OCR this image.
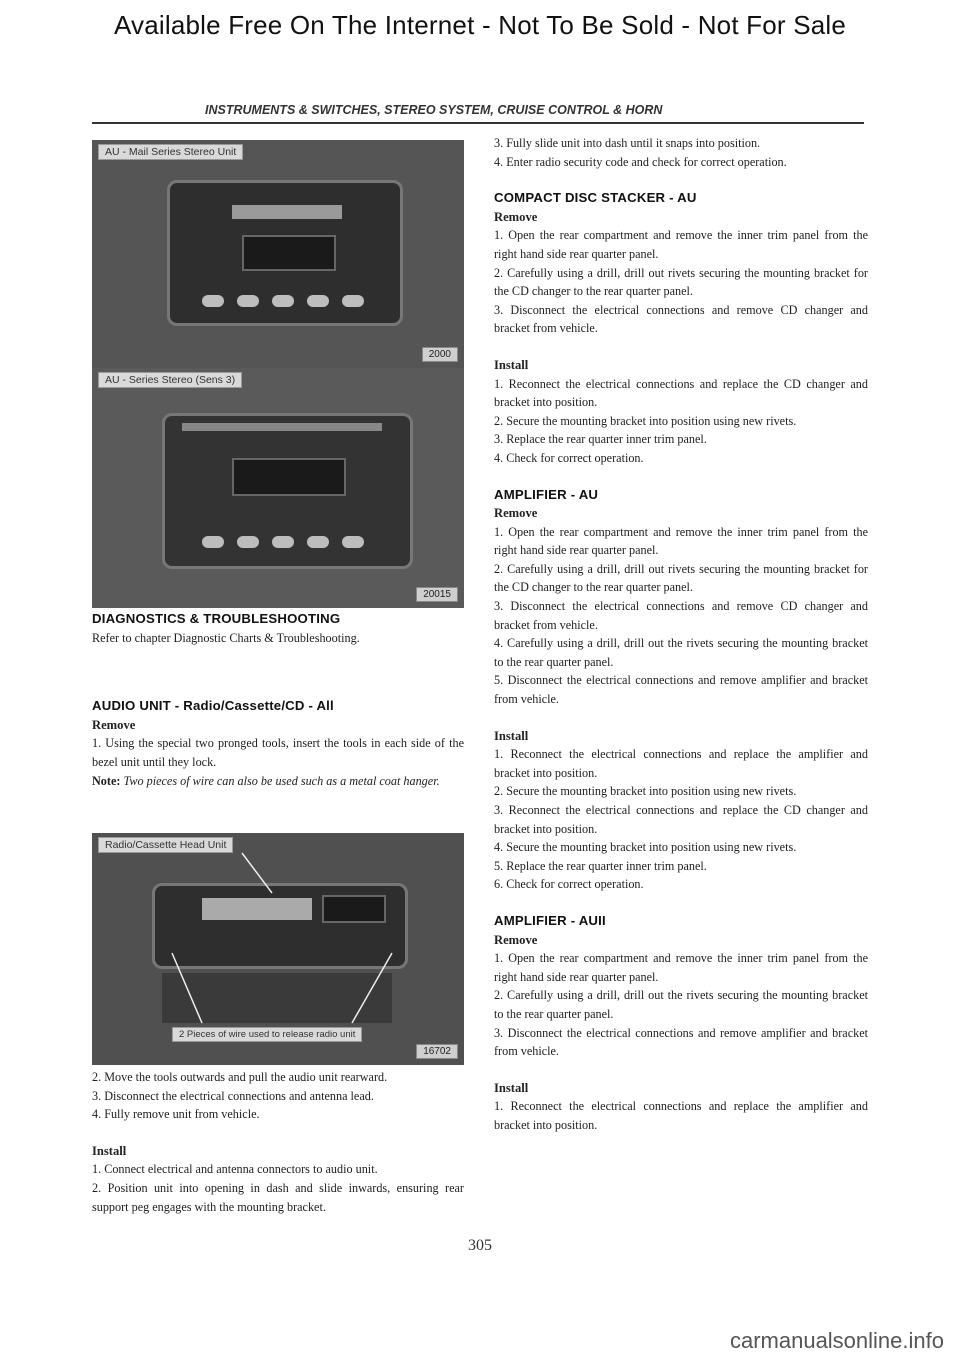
Available Free On The Internet - Not To Be Sold - Not For Sale
INSTRUMENTS & SWITCHES, STEREO SYSTEM, CRUISE CONTROL & HORN
AU - Mail Series Stereo Unit
2000
AU - Series Stereo (Sens 3)
20015

DIAGNOSTICS & TROUBLESHOOTING

Refer to chapter Diagnostic Charts & Troubleshooting.

AUDIO UNIT - Radio/Cassette/CD - All

Remove

1. Using the special two pronged tools, insert the tools in each side of the bezel unit until they lock.

Note: Two pieces of wire can also be used such as a metal coat hanger.

Radio/Cassette Head Unit
2 Pieces of wire used to release radio unit
16702

2. Move the tools outwards and pull the audio unit rearward.

3. Disconnect the electrical connections and antenna lead.

4. Fully remove unit from vehicle.

Install

1. Connect electrical and antenna connectors to audio unit.

2. Position unit into opening in dash and slide inwards, ensuring rear support peg engages with the mounting bracket.

3. Fully slide unit into dash until it snaps into position.

4. Enter radio security code and check for correct operation.

COMPACT DISC STACKER - AU

Remove

1. Open the rear compartment and remove the inner trim panel from the right hand side rear quarter panel.

2. Carefully using a drill, drill out rivets securing the mounting bracket for the CD changer to the rear quarter panel.

3. Disconnect the electrical connections and remove CD changer and bracket from vehicle.

Install

1. Reconnect the electrical connections and replace the CD changer and bracket into position.

2. Secure the mounting bracket into position using new rivets.

3. Replace the rear quarter inner trim panel.

4. Check for correct operation.

AMPLIFIER - AU

Remove

1. Open the rear compartment and remove the inner trim panel from the right hand side rear quarter panel.

2. Carefully using a drill, drill out rivets securing the mounting bracket for the CD changer to the rear quarter panel.

3. Disconnect the electrical connections and remove CD changer and bracket from vehicle.

4. Carefully using a drill, drill out the rivets securing the mounting bracket to the rear quarter panel.

5. Disconnect the electrical connections and remove amplifier and bracket from vehicle.

Install

1. Reconnect the electrical connections and replace the amplifier and bracket into position.

2. Secure the mounting bracket into position using new rivets.

3. Reconnect the electrical connections and replace the CD changer and bracket into position.

4. Secure the mounting bracket into position using new rivets.

5. Replace the rear quarter inner trim panel.

6. Check for correct operation.

AMPLIFIER - AUII

Remove

1. Open the rear compartment and remove the inner trim panel from the right hand side rear quarter panel.

2. Carefully using a drill, drill out the rivets securing the mounting bracket to the rear quarter panel.

3. Disconnect the electrical connections and remove amplifier and bracket from vehicle.

Install

1. Reconnect the electrical connections and replace the amplifier and bracket into position.

305
carmanualsonline.info
